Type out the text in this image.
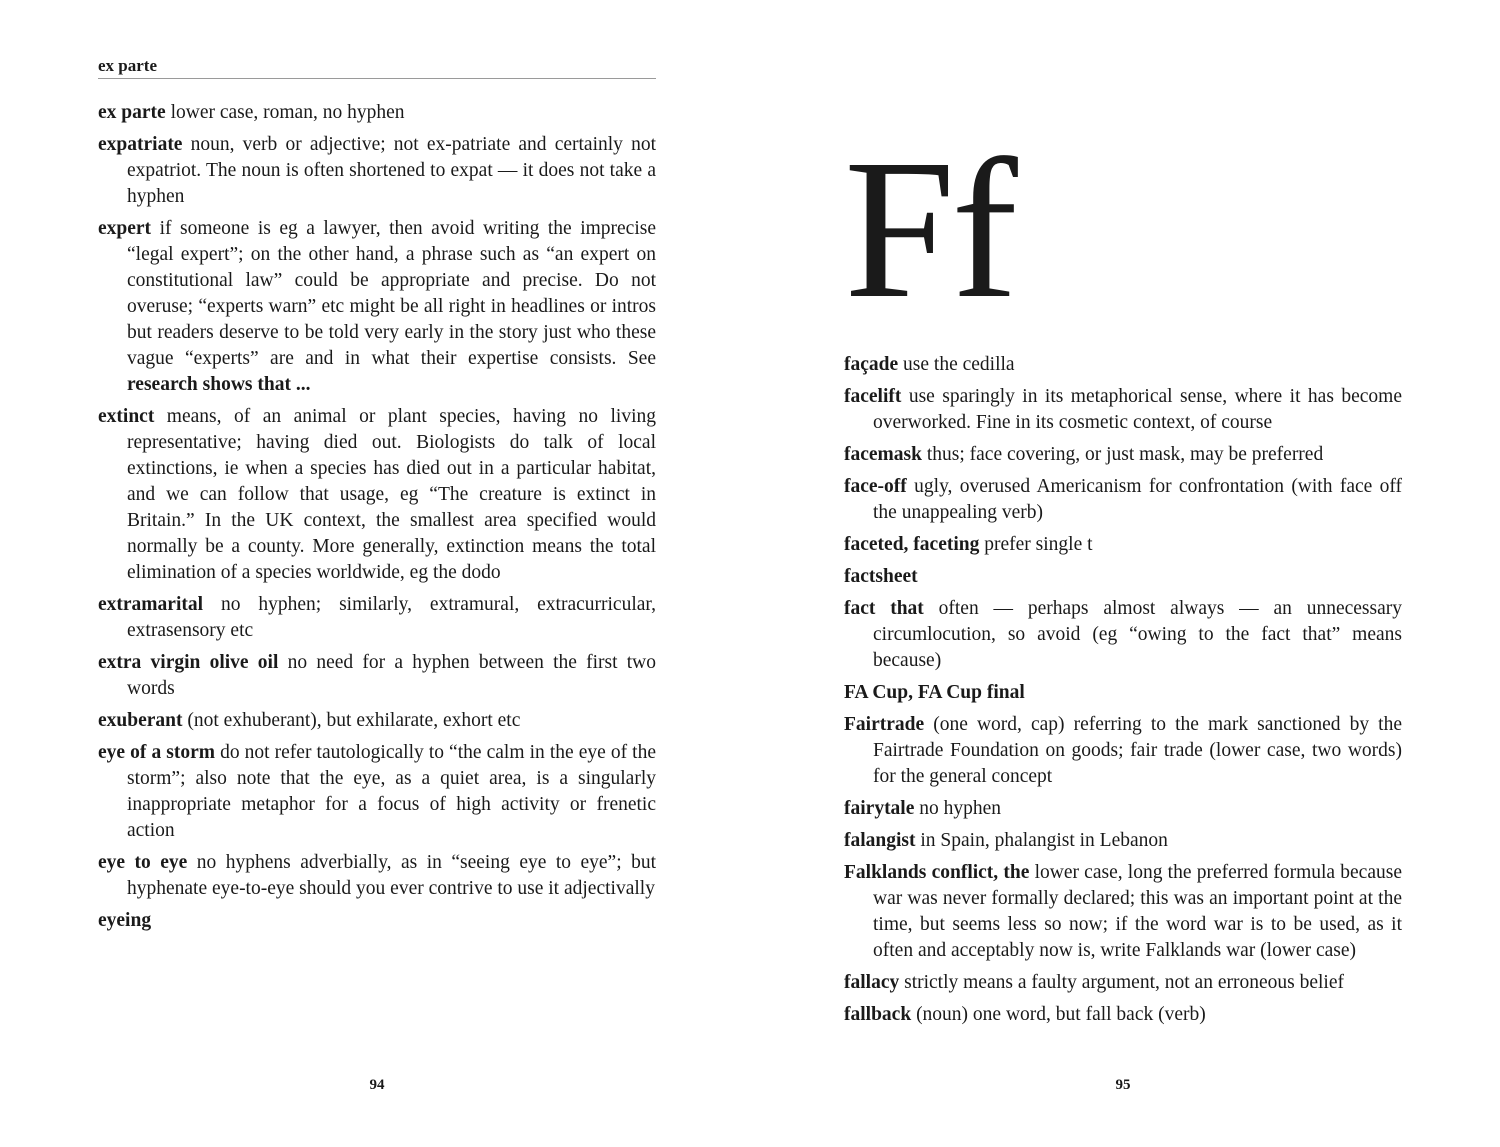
ex parte

ex parte lower case, roman, no hyphen

expatriate noun, verb or adjective; not ex-patriate and certainly not expatriot. The noun is often shortened to expat — it does not take a hyphen

expert if someone is eg a lawyer, then avoid writing the imprecise “legal expert”; on the other hand, a phrase such as “an expert on constitutional law” could be appropriate and precise. Do not overuse; “experts warn” etc might be all right in headlines or intros but readers deserve to be told very early in the story just who these vague “experts” are and in what their expertise consists. See research shows that ...

extinct means, of an animal or plant species, having no living representative; having died out. Biologists do talk of local extinctions, ie when a species has died out in a particular habitat, and we can follow that usage, eg “The creature is extinct in Britain.” In the UK context, the smallest area specified would normally be a county. More generally, extinction means the total elimination of a species worldwide, eg the dodo

extramarital no hyphen; similarly, extramural, extracurricular, extrasensory etc

extra virgin olive oil no need for a hyphen between the first two words

exuberant (not exhuberant), but exhilarate, exhort etc

eye of a storm do not refer tautologically to “the calm in the eye of the storm”; also note that the eye, as a quiet area, is a singularly inappropriate metaphor for a focus of high activity or frenetic action

eye to eye no hyphens adverbially, as in “seeing eye to eye”; but hyphenate eye-to-eye should you ever contrive to use it adjectivally

eyeing

94
Ff

façade use the cedilla

facelift use sparingly in its metaphorical sense, where it has become overworked. Fine in its cosmetic context, of course

facemask thus; face covering, or just mask, may be preferred

face-off ugly, overused Americanism for confrontation (with face off the unappealing verb)

faceted, faceting prefer single t

factsheet

fact that often — perhaps almost always — an unnecessary circumlocution, so avoid (eg “owing to the fact that” means because)

FA Cup, FA Cup final

Fairtrade (one word, cap) referring to the mark sanctioned by the Fairtrade Foundation on goods; fair trade (lower case, two words) for the general concept

fairytale no hyphen

falangist in Spain, phalangist in Lebanon

Falklands conflict, the lower case, long the preferred formula because war was never formally declared; this was an important point at the time, but seems less so now; if the word war is to be used, as it often and acceptably now is, write Falklands war (lower case)

fallacy strictly means a faulty argument, not an erroneous belief

fallback (noun) one word, but fall back (verb)

95
